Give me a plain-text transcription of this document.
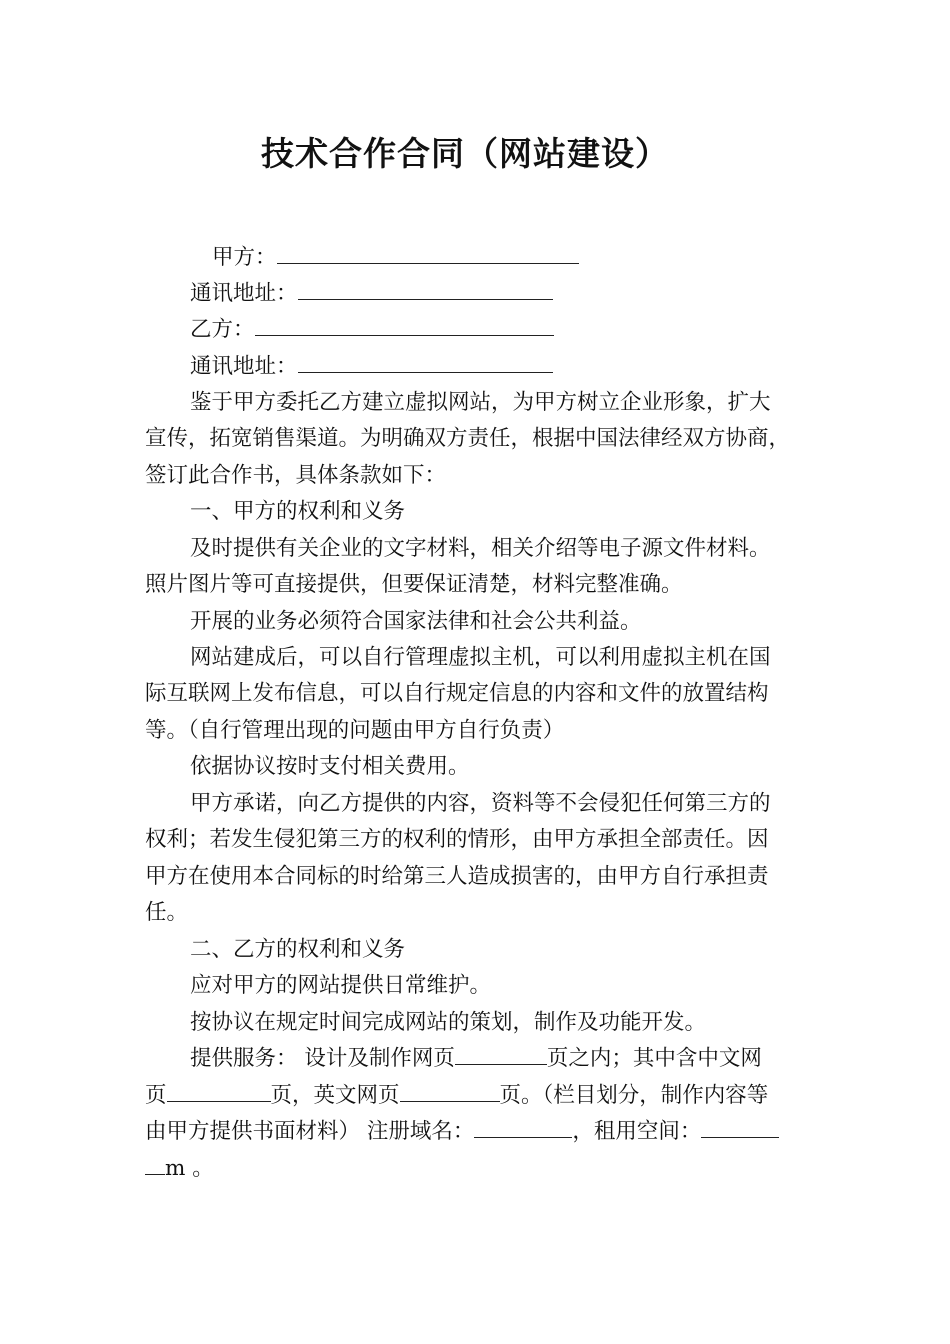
技术合作合同（网站建设）
甲方：
通讯地址：
乙方：
通讯地址：
鉴于甲方委托乙方建立虚拟网站，为甲方树立企业形象，扩大
宣传，拓宽销售渠道。为明确双方责任，根据中国法律经双方协商，
签订此合作书，具体条款如下：
一、甲方的权利和义务
及时提供有关企业的文字材料，相关介绍等电子源文件材料。
照片图片等可直接提供，但要保证清楚，材料完整准确。
开展的业务必须符合国家法律和社会公共利益。
网站建成后，可以自行管理虚拟主机，可以利用虚拟主机在国
际互联网上发布信息，可以自行规定信息的内容和文件的放置结构
等。（自行管理出现的问题由甲方自行负责）
依据协议按时支付相关费用。
甲方承诺，向乙方提供的内容，资料等不会侵犯任何第三方的
权利；若发生侵犯第三方的权利的情形，由甲方承担全部责任。因
甲方在使用本合同标的时给第三人造成损害的，由甲方自行承担责
任。
二、乙方的权利和义务
应对甲方的网站提供日常维护。
按协议在规定时间完成网站的策划，制作及功能开发。
提供服务： 设计及制作网页	页之内；其中含中文网
页	页，英文网页	页。（栏目划分，制作内容等
由甲方提供书面材料） 注册域名：	，租用空间：
m 。
